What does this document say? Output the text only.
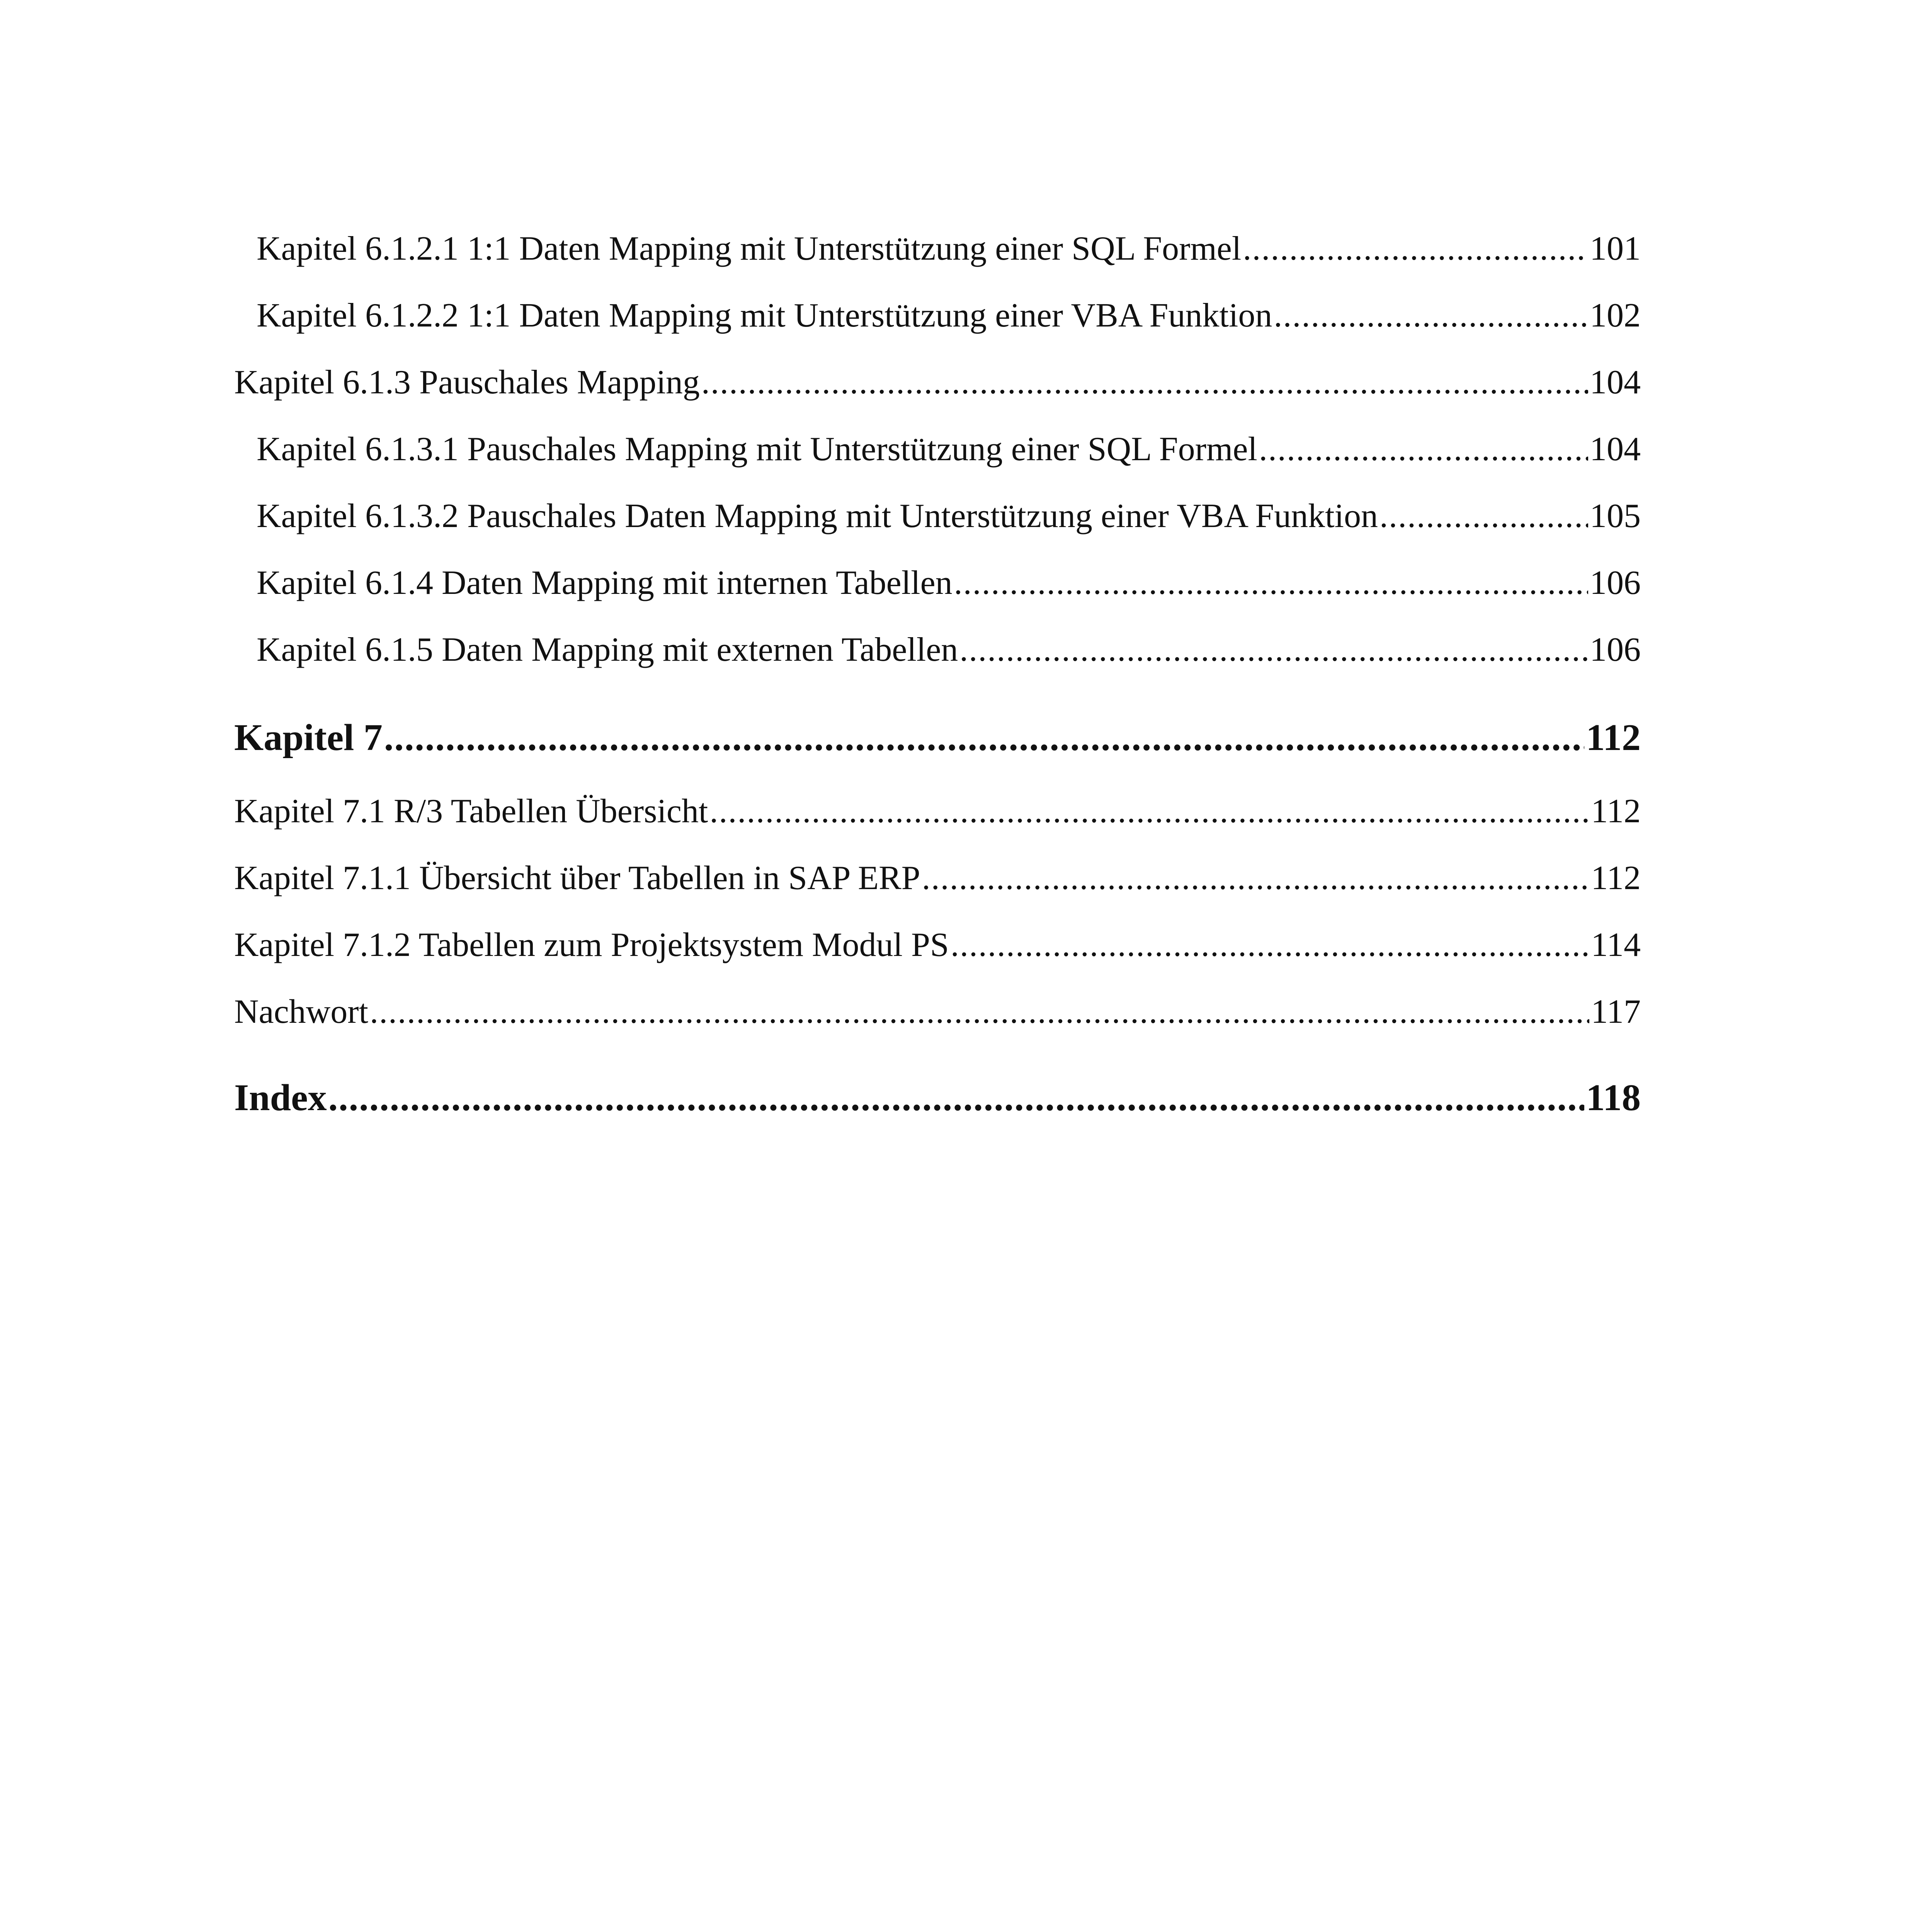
Kapitel 6.1.2.1 1:1 Daten Mapping mit Unterstützung einer SQL Formel .....	101
Kapitel 6.1.2.2 1:1 Daten Mapping mit Unterstützung einer VBA Funktion .....	102
Kapitel 6.1.3 Pauschales Mapping .....	104
Kapitel 6.1.3.1 Pauschales Mapping mit Unterstützung einer SQL Formel .....	104
Kapitel 6.1.3.2 Pauschales Daten Mapping mit Unterstützung einer VBA Funktion .....	105
Kapitel 6.1.4 Daten Mapping mit internen Tabellen .....	106
Kapitel 6.1.5 Daten Mapping mit externen Tabellen .....	106
Kapitel 7 .....	112
Kapitel 7.1 R/3 Tabellen Übersicht .....	112
Kapitel 7.1.1 Übersicht über Tabellen in SAP ERP .....	112
Kapitel 7.1.2 Tabellen zum Projektsystem Modul PS .....	114
Nachwort .....	117
Index .....	118
